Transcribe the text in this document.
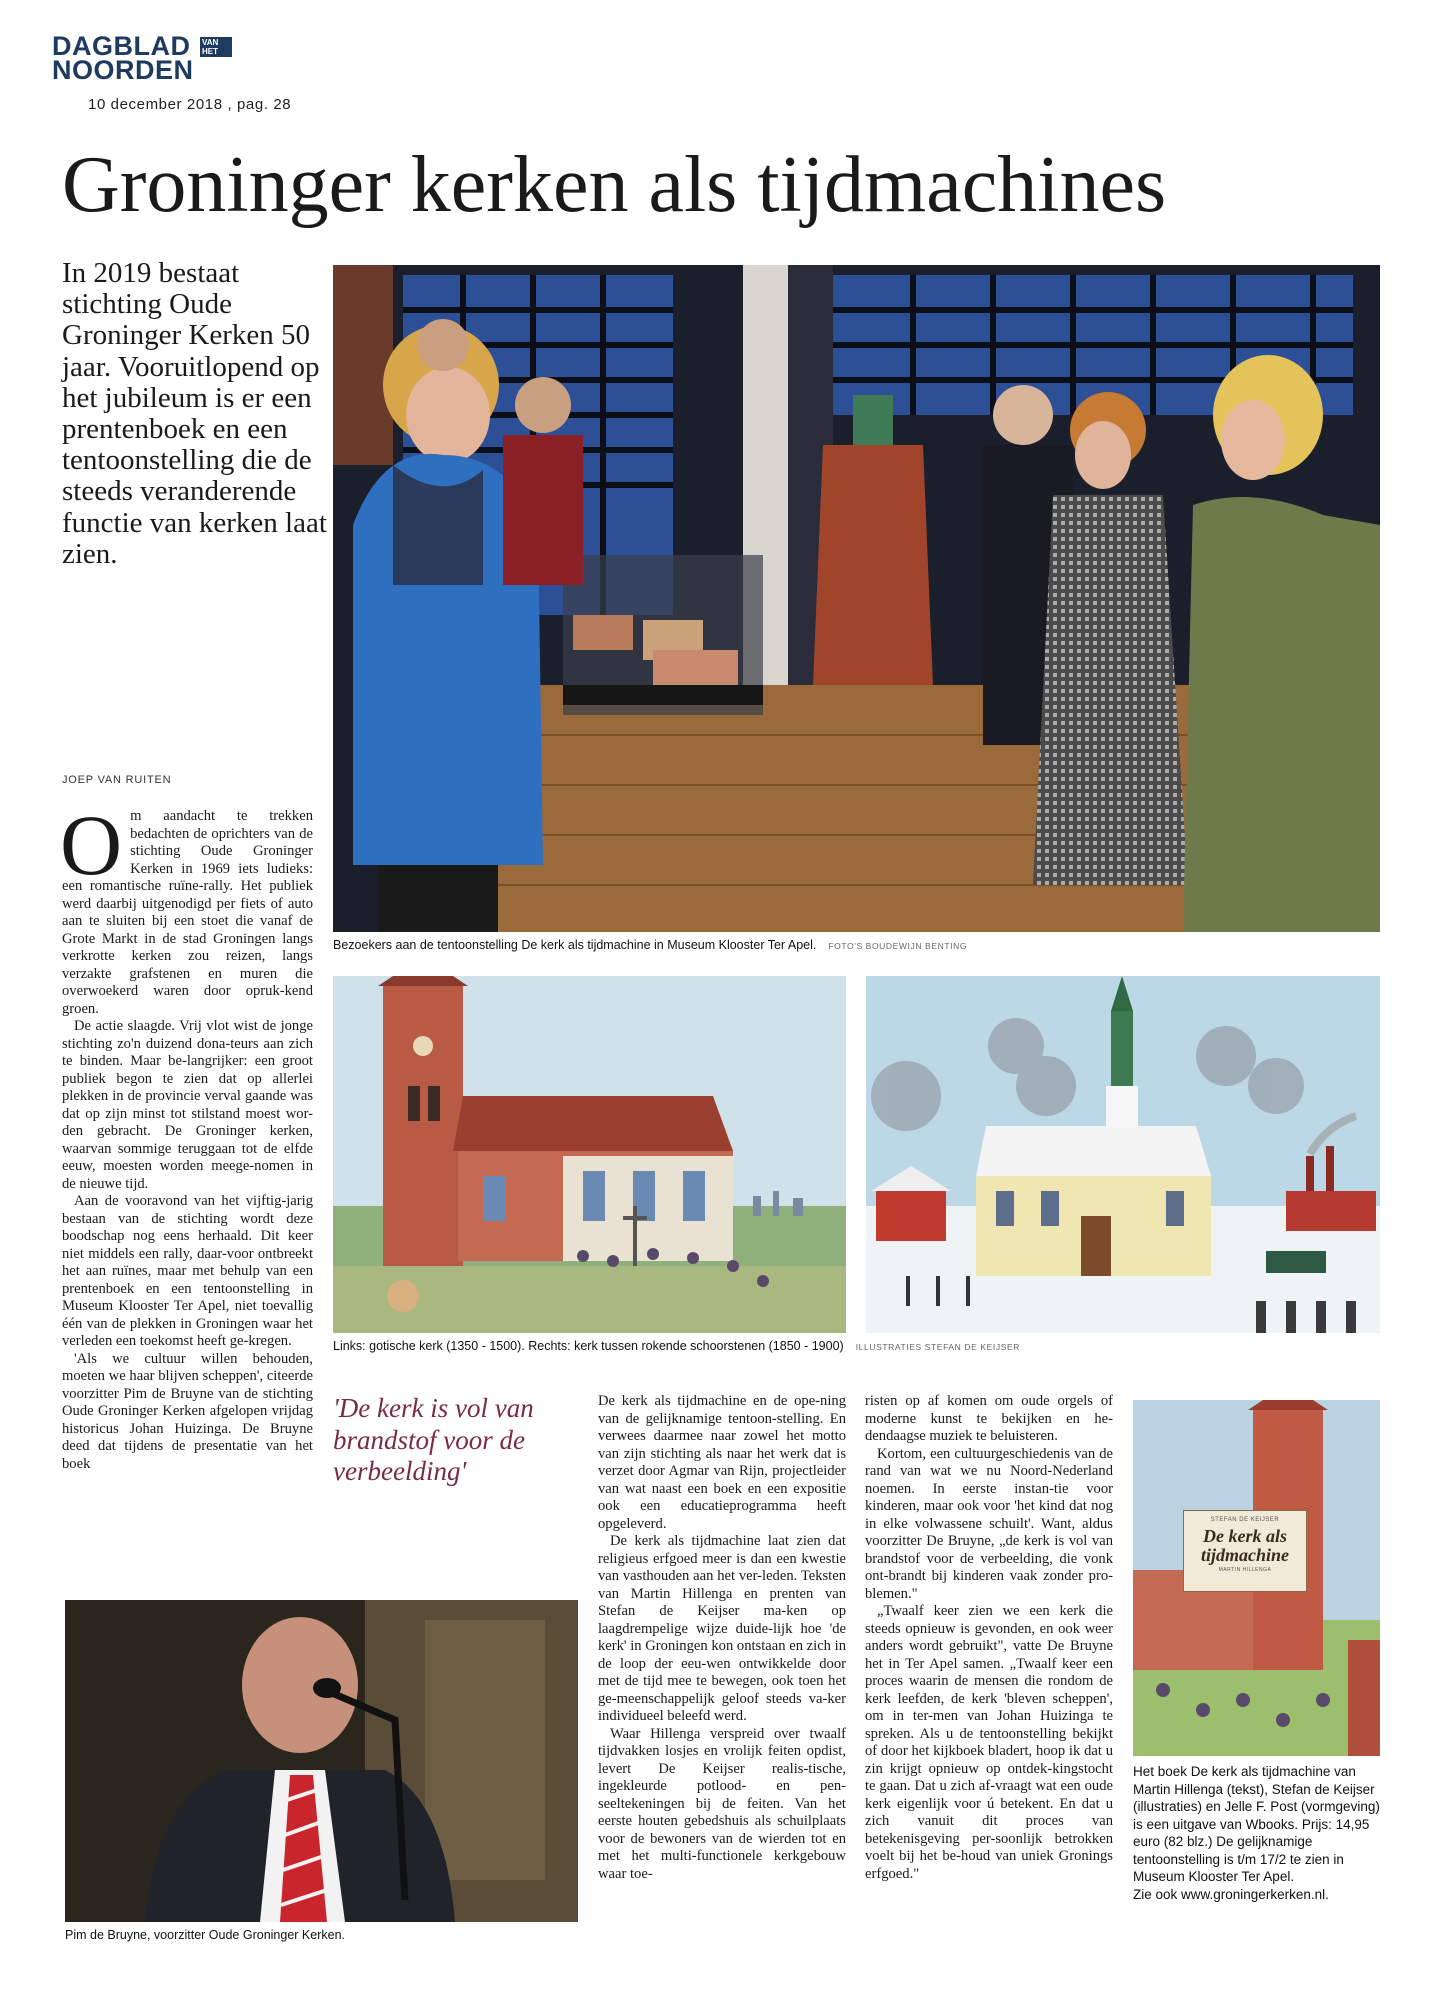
DAGBLAD
NOORDEN
VAN HET
10 december 2018 , pag. 28
Groninger kerken als tijdmachines
In 2019 bestaat stichting Oude Groninger Kerken 50 jaar. Vooruitlopend op het jubileum is er een prentenboek en een tentoonstelling die de steeds veranderende functie van kerken laat zien.
Bezoekers aan de tentoonstelling De kerk als tijdmachine in Museum Klooster Ter Apel. FOTO'S BOUDEWIJN BENTING
Links: gotische kerk (1350 - 1500). Rechts: kerk tussen rokende schoorstenen (1850 - 1900) ILLUSTRATIES STEFAN DE KEIJSER
JOEP VAN RUITEN

Om aandacht te trekken bedachten de oprichters van de stichting Oude Groninger Kerken in 1969 iets ludieks: een romantische ruïne-rally. Het publiek werd daarbij uitgenodigd per fiets of auto aan te sluiten bij een stoet die vanaf de Grote Markt in de stad Groningen langs verkrotte kerken zou reizen, langs verzakte grafstenen en muren die overwoekerd waren door opruk-kend groen.

De actie slaagde. Vrij vlot wist de jonge stichting zo'n duizend dona-teurs aan zich te binden. Maar be-langrijker: een groot publiek begon te zien dat op allerlei plekken in de provincie verval gaande was dat op zijn minst tot stilstand moest wor-den gebracht. De Groninger kerken, waarvan sommige teruggaan tot de elfde eeuw, moesten worden meege-nomen in de nieuwe tijd.

Aan de vooravond van het vijftig-jarig bestaan van de stichting wordt deze boodschap nog eens herhaald. Dit keer niet middels een rally, daar-voor ontbreekt het aan ruïnes, maar met behulp van een prentenboek en een tentoonstelling in Museum Klooster Ter Apel, niet toevallig één van de plekken in Groningen waar het verleden een toekomst heeft ge-kregen.

'Als we cultuur willen behouden, moeten we haar blijven scheppen', citeerde voorzitter Pim de Bruyne van de stichting Oude Groninger Kerken afgelopen vrijdag historicus Johan Huizinga. De Bruyne deed dat tijdens de presentatie van het boek

'De kerk is vol van brandstof voor de verbeelding'

De kerk als tijdmachine en de ope-ning van de gelijknamige tentoon-stelling. En verwees daarmee naar zowel het motto van zijn stichting als naar het werk dat is verzet door Agmar van Rijn, projectleider van wat naast een boek en een expositie ook een educatieprogramma heeft opgeleverd.

De kerk als tijdmachine laat zien dat religieus erfgoed meer is dan een kwestie van vasthouden aan het ver-leden. Teksten van Martin Hillenga en prenten van Stefan de Keijser ma-ken op laagdrempelige wijze duide-lijk hoe 'de kerk' in Groningen kon ontstaan en zich in de loop der eeu-wen ontwikkelde door met de tijd mee te bewegen, ook toen het ge-meenschappelijk geloof steeds va-ker individueel beleefd werd.

Waar Hillenga verspreid over twaalf tijdvakken losjes en vrolijk feiten opdist, levert De Keijser realis-tische, ingekleurde potlood- en pen-seeltekeningen bij de feiten. Van het eerste houten gebedshuis als schuilplaats voor de bewoners van de wierden tot en met het multi-functionele kerkgebouw waar toe-

risten op af komen om oude orgels of moderne kunst te bekijken en he-dendaagse muziek te beluisteren.

Kortom, een cultuurgeschiedenis van de rand van wat we nu Noord-Nederland noemen. In eerste instan-tie voor kinderen, maar ook voor 'het kind dat nog in elke volwassene schuilt'. Want, aldus voorzitter De Bruyne, „de kerk is vol van brandstof voor de verbeelding, die vonk ont-brandt bij kinderen vaak zonder pro-blemen."

„Twaalf keer zien we een kerk die steeds opnieuw is gevonden, en ook weer anders wordt gebruikt", vatte De Bruyne het in Ter Apel samen. „Twaalf keer een proces waarin de mensen die rondom de kerk leefden, de kerk 'bleven scheppen', om in ter-men van Johan Huizinga te spreken. Als u de tentoonstelling bekijkt of door het kijkboek bladert, hoop ik dat u zin krijgt opnieuw op ontdek-kingstocht te gaan. Dat u zich af-vraagt wat een oude kerk eigenlijk voor ú betekent. En dat u zich vanuit dit proces van betekenisgeving per-soonlijk betrokken voelt bij het be-houd van uniek Gronings erfgoed."

Pim de Bruyne, voorzitter Oude Groninger Kerken.
STEFAN DE KEIJSER
De kerk als tijdmachine
MARTIN HILLENGA
Het boek De kerk als tijdmachine van Martin Hillenga (tekst), Stefan de Keijser (illustraties) en Jelle F. Post (vormgeving) is een uitgave van Wbooks. Prijs: 14,95 euro (82 blz.) De gelijknamige tentoonstelling is t/m 17/2 te zien in Museum Klooster Ter Apel.
Zie ook www.groningerkerken.nl.
